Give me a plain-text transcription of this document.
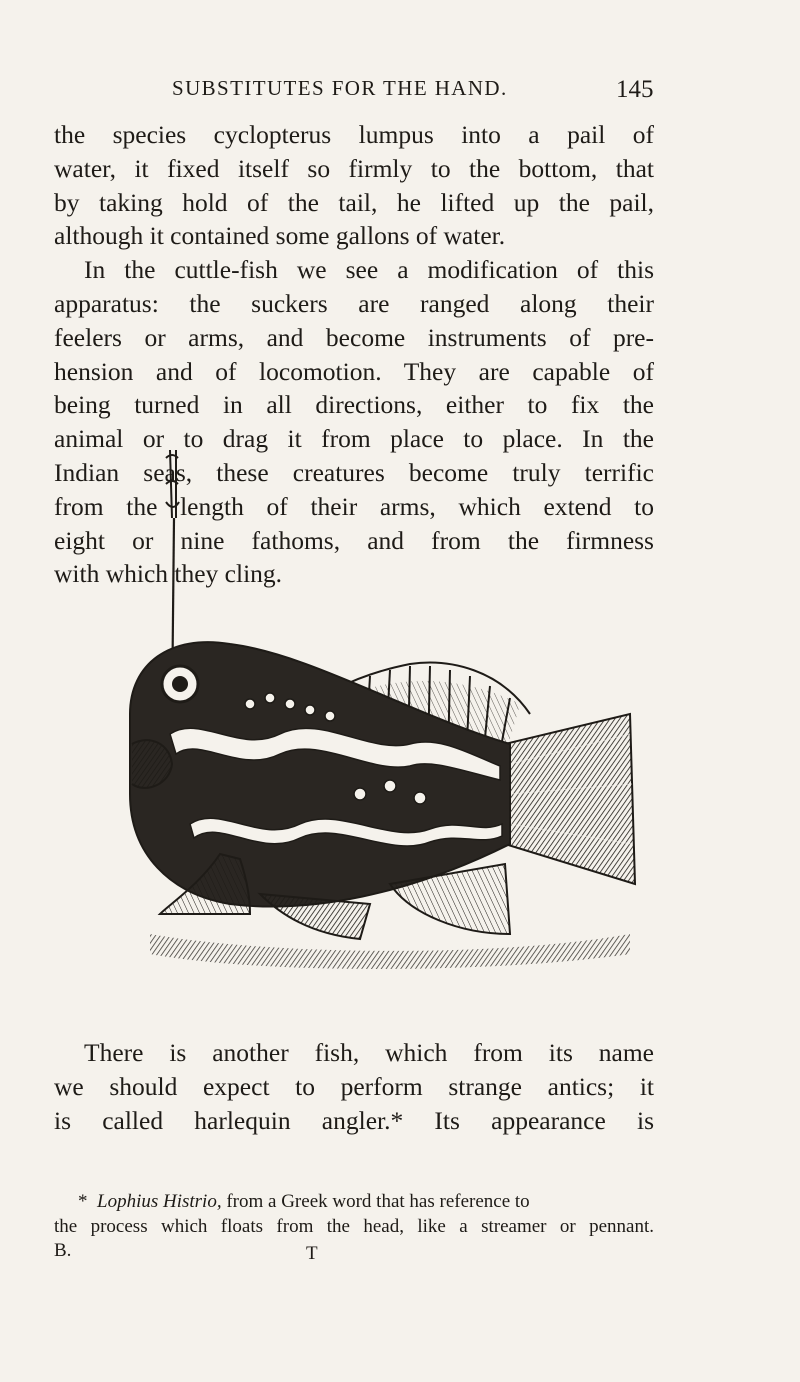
SUBSTITUTES FOR THE HAND.	145
the species cyclopterus lumpus into a pail of
water, it fixed itself so firmly to the bottom, that
by taking hold of the tail, he lifted up the pail,
although it contained some gallons of water.
In the cuttle-fish we see a modification of this
apparatus: the suckers are ranged along their
feelers or arms, and become instruments of pre-
hension and of locomotion. They are capable of
being turned in all directions, either to fix the
animal or to drag it from place to place. In the
Indian seas, these creatures become truly terrific
from the length of their arms, which extend to
eight or nine fathoms, and from the firmness
with which they cling.
There is another fish, which from its name
we should expect to perform strange antics; it
is called harlequin angler.* Its appearance is
* Lophius Histrio, from a Greek word that has reference to
the process which floats from the head, like a streamer or pennant.
B.	T
